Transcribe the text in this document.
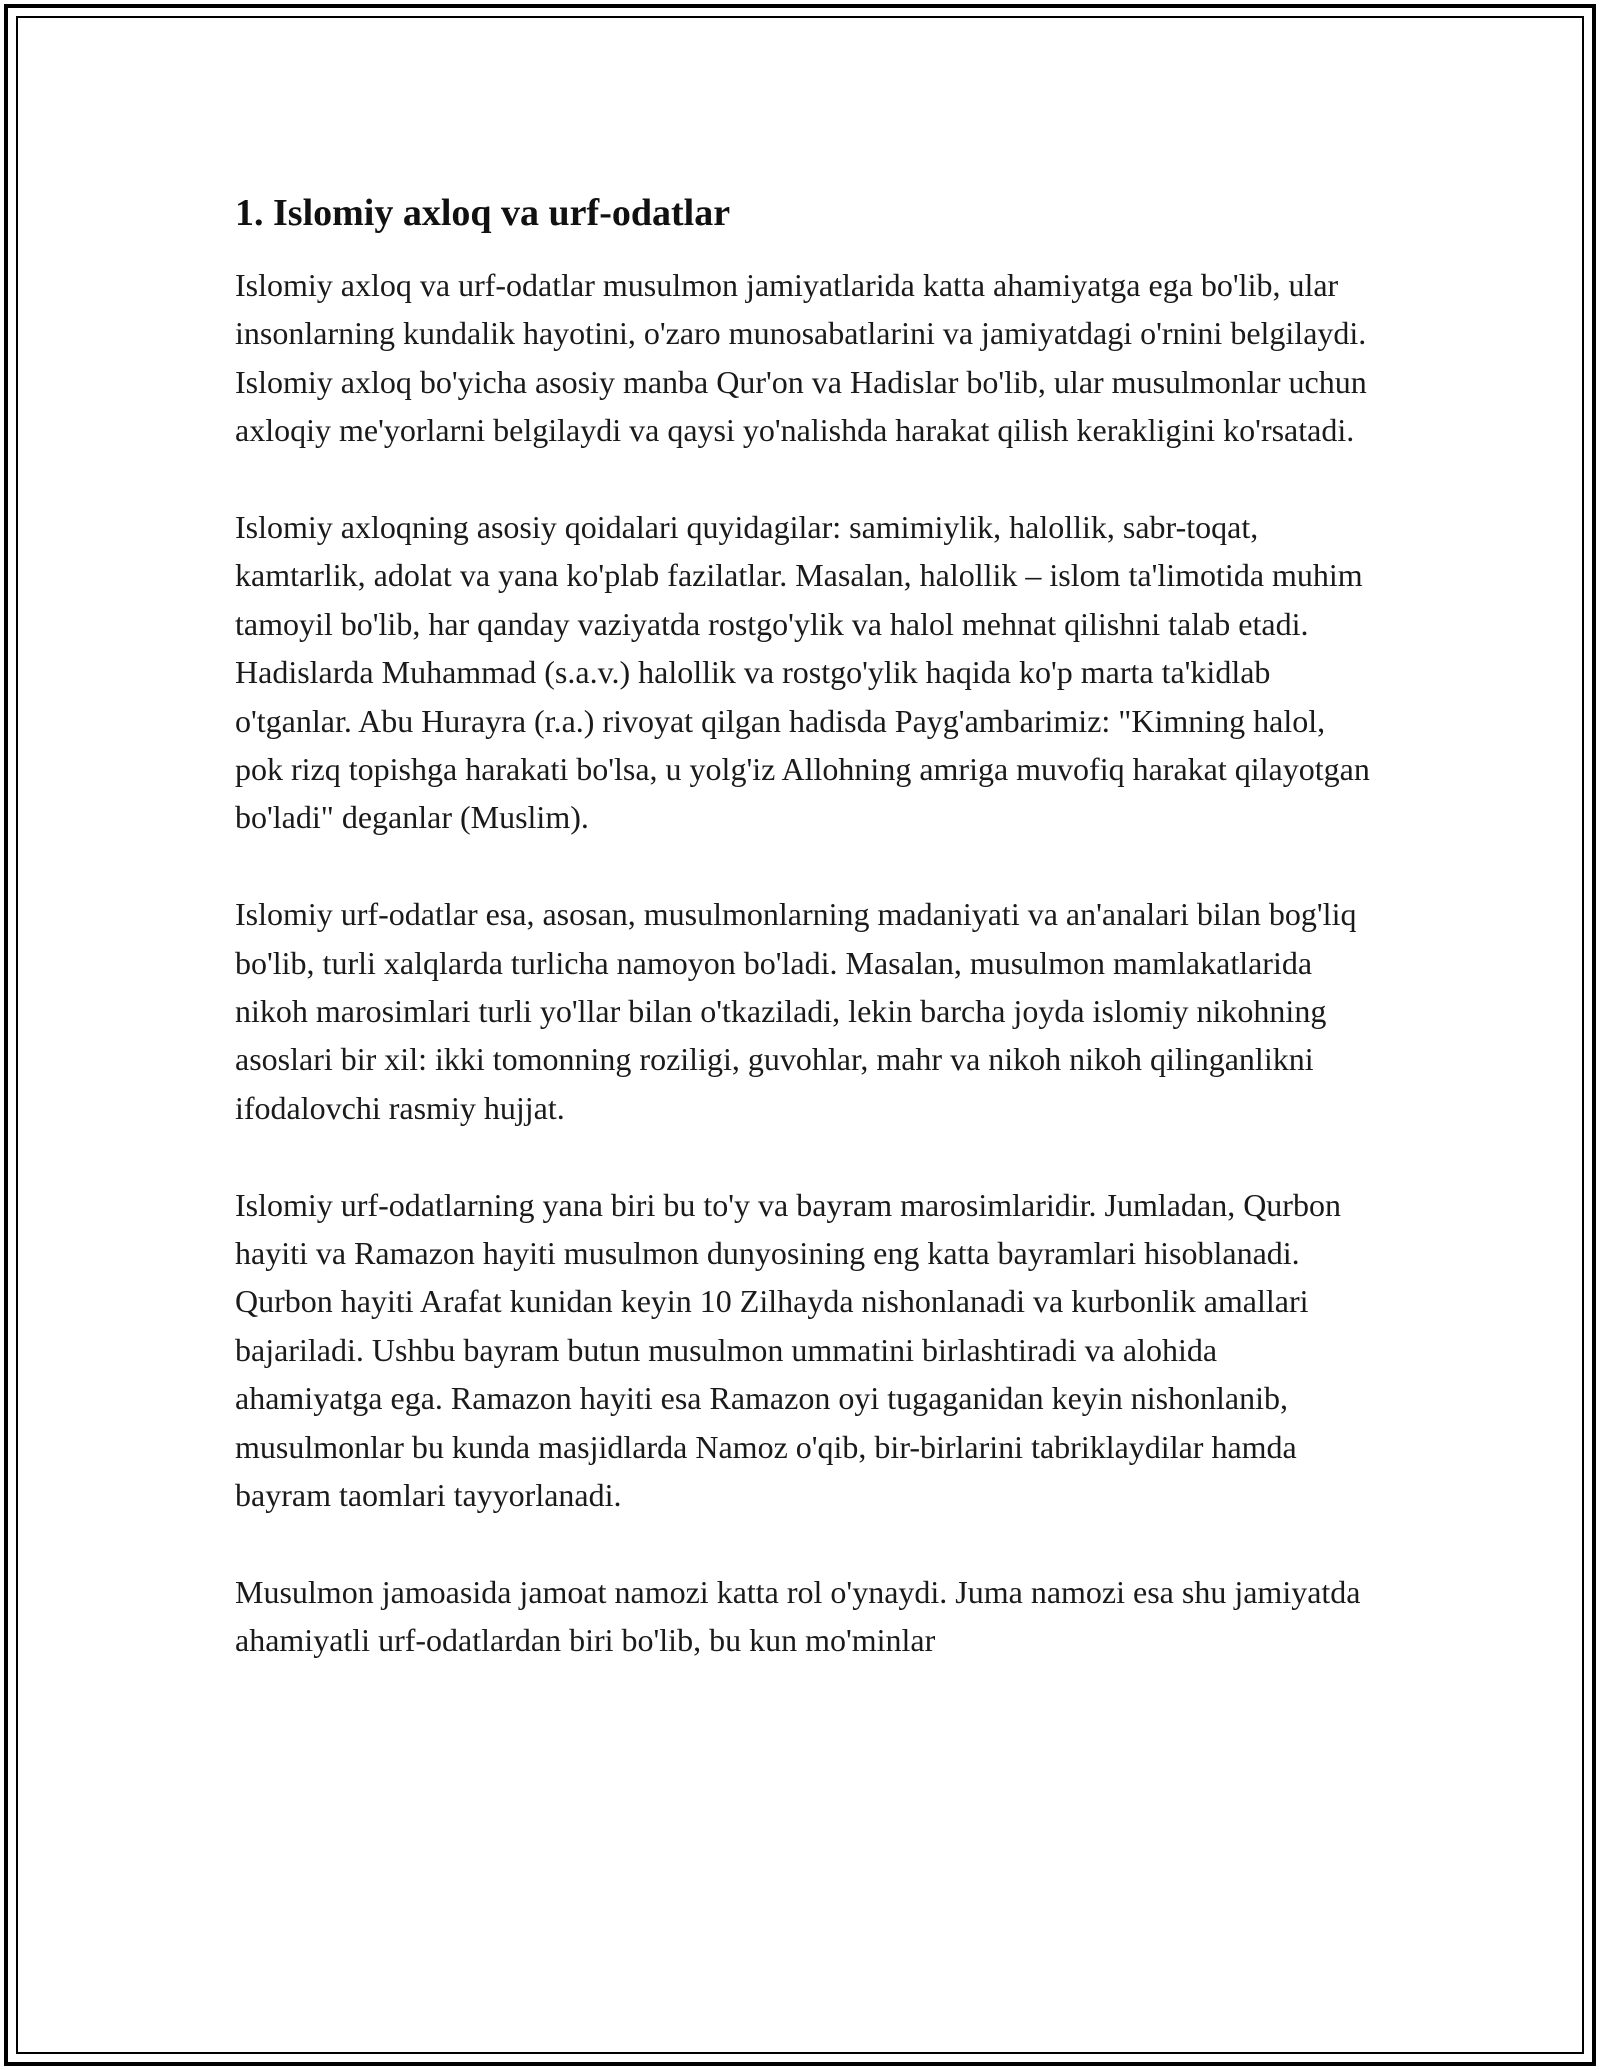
1. Islomiy axloq va urf-odatlar

Islomiy axloq va urf-odatlar musulmon jamiyatlarida katta ahamiyatga ega bo'lib, ular insonlarning kundalik hayotini, o'zaro munosabatlarini va jamiyatdagi o'rnini belgilaydi. Islomiy axloq bo'yicha asosiy manba Qur'on va Hadislar bo'lib, ular musulmonlar uchun axloqiy me'yorlarni belgilaydi va qaysi yo'nalishda harakat qilish kerakligini ko'rsatadi.

Islomiy axloqning asosiy qoidalari quyidagilar: samimiylik, halollik, sabr-toqat, kamtarlik, adolat va yana ko'plab fazilatlar. Masalan, halollik – islom ta'limotida muhim tamoyil bo'lib, har qanday vaziyatda rostgo'ylik va halol mehnat qilishni talab etadi. Hadislarda Muhammad (s.a.v.) halollik va rostgo'ylik haqida ko'p marta ta'kidlab o'tganlar. Abu Hurayra (r.a.) rivoyat qilgan hadisda Payg'ambarimiz: "Kimning halol, pok rizq topishga harakati bo'lsa, u yolg'iz Allohning amriga muvofiq harakat qilayotgan bo'ladi" deganlar (Muslim).

Islomiy urf-odatlar esa, asosan, musulmonlarning madaniyati va an'analari bilan bog'liq bo'lib, turli xalqlarda turlicha namoyon bo'ladi. Masalan, musulmon mamlakatlarida nikoh marosimlari turli yo'llar bilan o'tkaziladi, lekin barcha joyda islomiy nikohning asoslari bir xil: ikki tomonning roziligi, guvohlar, mahr va nikoh nikoh qilinganlikni ifodalovchi rasmiy hujjat.

Islomiy urf-odatlarning yana biri bu to'y va bayram marosimlaridir. Jumladan, Qurbon hayiti va Ramazon hayiti musulmon dunyosining eng katta bayramlari hisoblanadi. Qurbon hayiti Arafat kunidan keyin 10 Zilhayda nishonlanadi va kurbonlik amallari bajariladi. Ushbu bayram butun musulmon ummatini birlashtiradi va alohida ahamiyatga ega. Ramazon hayiti esa Ramazon oyi tugaganidan keyin nishonlanib, musulmonlar bu kunda masjidlarda Namoz o'qib, bir-birlarini tabriklaydilar hamda bayram taomlari tayyorlanadi.

Musulmon jamoasida jamoat namozi katta rol o'ynaydi. Juma namozi esa shu jamiyatda ahamiyatli urf-odatlardan biri bo'lib, bu kun mo'minlar
